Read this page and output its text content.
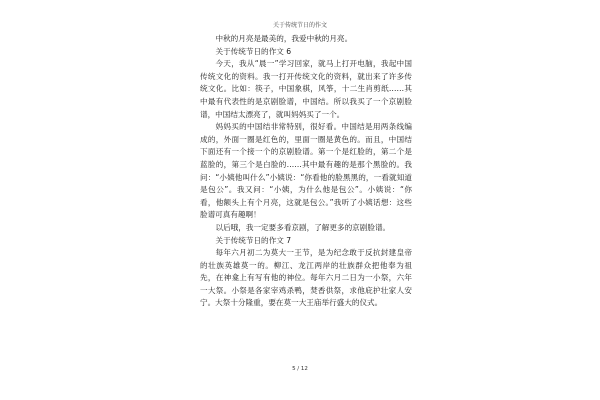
关于传统节日的作文

中秋的月亮是最美的，我爱中秋的月亮。

关于传统节日的作文 6

今天，我从“晨一”学习回家，就马上打开电脑，我起中国传统文化的资料。我一打开传统文化的资料，就出来了许多传统文化。比如：筷子，中国象棋，风筝，十二生肖剪纸……其中最有代表性的是京剧脸谱，中国结。所以我买了一个京剧脸谱，中国结太漂亮了，就叫妈妈买了一个。

妈妈买的中国结非常特别，很好看。中国结是用两条线编成的，外面一圈是红色的，里面一圈是黄色的。而且，中国结下面还有一个接一个的京剧脸谱。第一个是红脸的，第二个是蓝脸的，第三个是白脸的……其中最有趣的是那个黑脸的。我问：“小姨他叫什么”小姨说：“你看他的脸黑黑的，一看就知道是包公”。我又问：“小姨，为什么他是包公”。小姨说：“你看，他额头上有个月亮，这就是包公。”我听了小姨话想：这些脸谱可真有趣啊！

以后哦，我一定要多看京剧，了解更多的京剧脸谱。

关于传统节日的作文 7

每年六月初二为莫大一王节，是为纪念敢于反抗封建皇帝的壮族英雄莫一的。柳江、龙江两岸的壮族群众把他奉为祖先，在神龛上有写有他的神位。每年六月二日为一小祭，六年一大祭。小祭是各家宰鸡杀鸭，焚香供祭，求他庇护壮家人安宁。大祭十分隆重，要在莫一大王庙举行盛大的仪式。

5 / 12
